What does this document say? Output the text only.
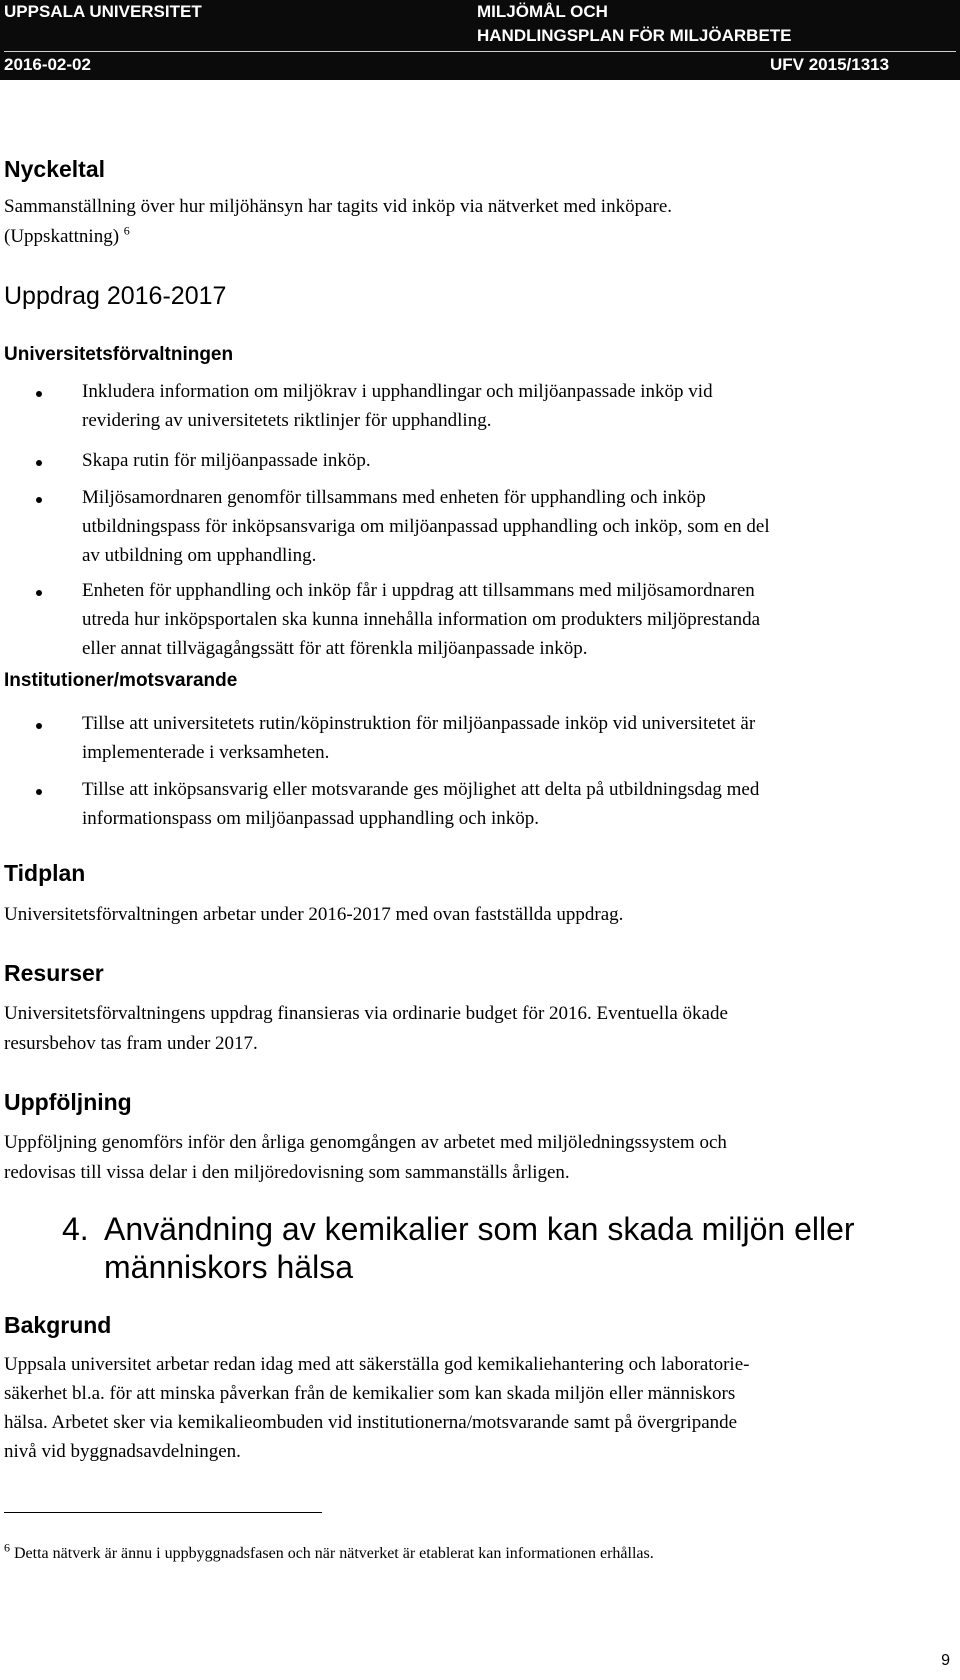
UPPSALA UNIVERSITET	MILJÖMÅL OCH
HANDLINGSPLAN FÖR MILJÖARBETE
2016-02-02	UFV 2015/1313
Nyckeltal
Sammanställning över hur miljöhänsyn har tagits vid inköp via nätverket med inköpare.
(Uppskattning) $^6$
Uppdrag 2016-2017
Universitetsförvaltningen
Inkludera information om miljökrav i upphandlingar och miljöanpassade inköp vid
revidering av universitetets riktlinjer för upphandling.
Skapa rutin för miljöanpassade inköp.
Miljösamordnaren genomför tillsammans med enheten för upphandling och inköp
utbildningspass för inköpsansvariga om miljöanpassad upphandling och inköp, som en del
av utbildning om upphandling.
Enheten för upphandling och inköp får i uppdrag att tillsammans med miljösamordnaren
utreda hur inköpsportalen ska kunna innehålla information om produkters miljöprestanda
eller annat tillvägagångssätt för att förenkla miljöanpassade inköp.
Institutioner/motsvarande
Tillse att universitetets rutin/köpinstruktion för miljöanpassade inköp vid universitetet är
implementerade i verksamheten.
Tillse att inköpsansvarig eller motsvarande ges möjlighet att delta på utbildningsdag med
informationspass om miljöanpassad upphandling och inköp.
Tidplan
Universitetsförvaltningen arbetar under 2016-2017 med ovan fastställda uppdrag.
Resurser
Universitetsförvaltningens uppdrag finansieras via ordinarie budget för 2016. Eventuella ökade
resursbehov tas fram under 2017.
Uppföljning
Uppföljning genomförs inför den årliga genomgången av arbetet med miljöledningssystem och
redovisas till vissa delar i den miljöredovisning som sammanställs årligen.
4. Användning av kemikalier som kan skada miljön eller
människors hälsa
Bakgrund
Uppsala universitet arbetar redan idag med att säkerställa god kemikaliehantering och laboratorie-
säkerhet bl.a. för att minska påverkan från de kemikalier som kan skada miljön eller människors
hälsa. Arbetet sker via kemikalieombuden vid institutionerna/motsvarande samt på övergripande
nivå vid byggnadsavdelningen.
$^6$ Detta nätverk är ännu i uppbyggnadsfasen och när nätverket är etablerat kan informationen erhållas.
9
